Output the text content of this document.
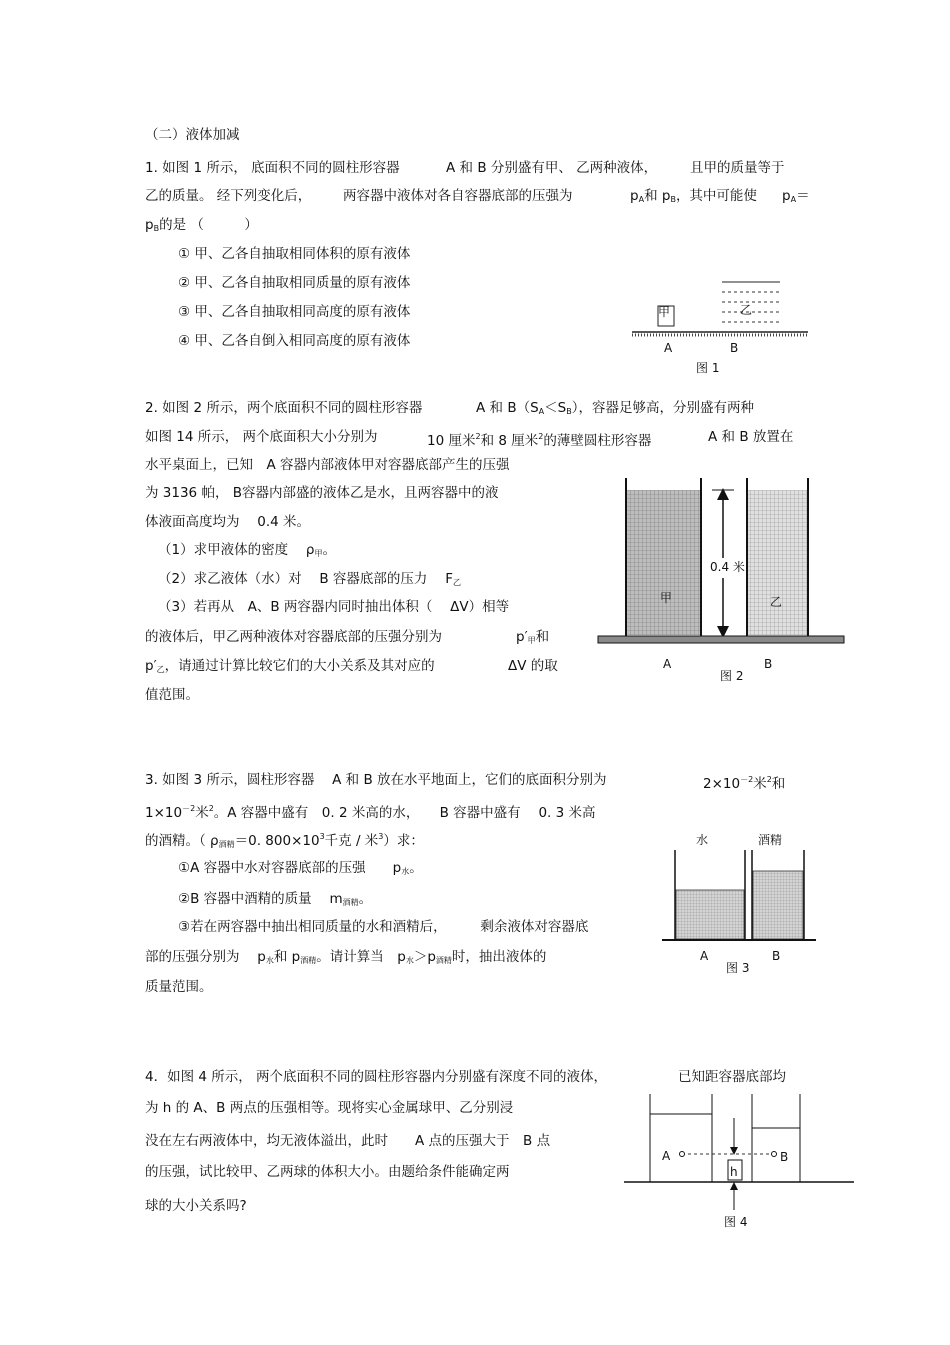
（二）液体加减
1. 如图 1 所示， 底面积不同的圆柱形容器	A 和 B 分别盛有甲、 乙两种液体， 且甲的质量等于
乙的质量。 经下列变化后， 两容器中液体对各自容器底部的压强为	$p_A$和 $p_B$，其中可能使 $p_A=$
$p_B$的是 （　　　）
① 甲、乙各自抽取相同体积的原有液体
② 甲、乙各自抽取相同质量的原有液体
③ 甲、乙各自抽取相同高度的原有液体
④ 甲、乙各自倒入相同高度的原有液体
甲	乙
A	B
图 1
2. 如图 2 所示，两个底面积不同的圆柱形容器	A 和 $B(S_A<S_B)$，容器足够高，分别盛有两种
如图 14 所示， 两个底面积大小分别为	10 厘米$^2$和 8 厘米$^2$的薄壁圆柱形容器	A 和 B 放置在
水平桌面上，已知　A 容器内部液体甲对容器底部产生的压强
为 3136 帕， B容器内部盛的液体乙是水，且两容器中的液
体液面高度均为　 0.4 米。
（1）求甲液体的密度　 $\rho_甲$。
（2）求乙液体（水）对　 B 容器底部的压力　 $F_乙$
（3）若再从　A、B 两容器内同时抽出体积（　 ΔV）相等
的液体后，甲乙两种液体对容器底部的压强分别为	$p'_甲$和
$p'_乙$，请通过计算比较它们的大小关系及其对应的	ΔV 的取
值范围。
0.4 米
甲	乙
A	B
图 2
3. 如图 3 所示，圆柱形容器　 A 和 B 放在水平地面上，它们的底面积分别为	$2\times 10^{-2}$米$^2$和
$1\times 10^{-2}$米$^2$。A 容器中盛有　0. 2 米高的水，　　B 容器中盛有　 0. 3 米高
的酒精。（ $\rho_{酒精}=0$. $800\times 10^3$千克 / 米$^3$）求：
①A 容器中水对容器底部的压强　　$p_水$。
②B 容器中酒精的质量　 $m_{酒精}$。
③若在两容器中抽出相同质量的水和酒精后，　　　剩余液体对容器底
部的压强分别为　 $p_水$和 $p_{酒精}$。请计算当　$p_水>p_{酒精}$时，抽出液体的
质量范围。
水	酒精
A	B
图 3
4．如图 4 所示， 两个底面积不同的圆柱形容器内分别盛有深度不同的液体，	已知距容器底部均
为 h 的 A、B 两点的压强相等。现将实心金属球甲、乙分别浸
没在左右两液体中，均无液体溢出，此时　　A 点的压强大于　B 点
的压强，试比较甲、乙两球的体积大小。由题给条件能确定两
球的大小关系吗?
A	B
h
图 4
